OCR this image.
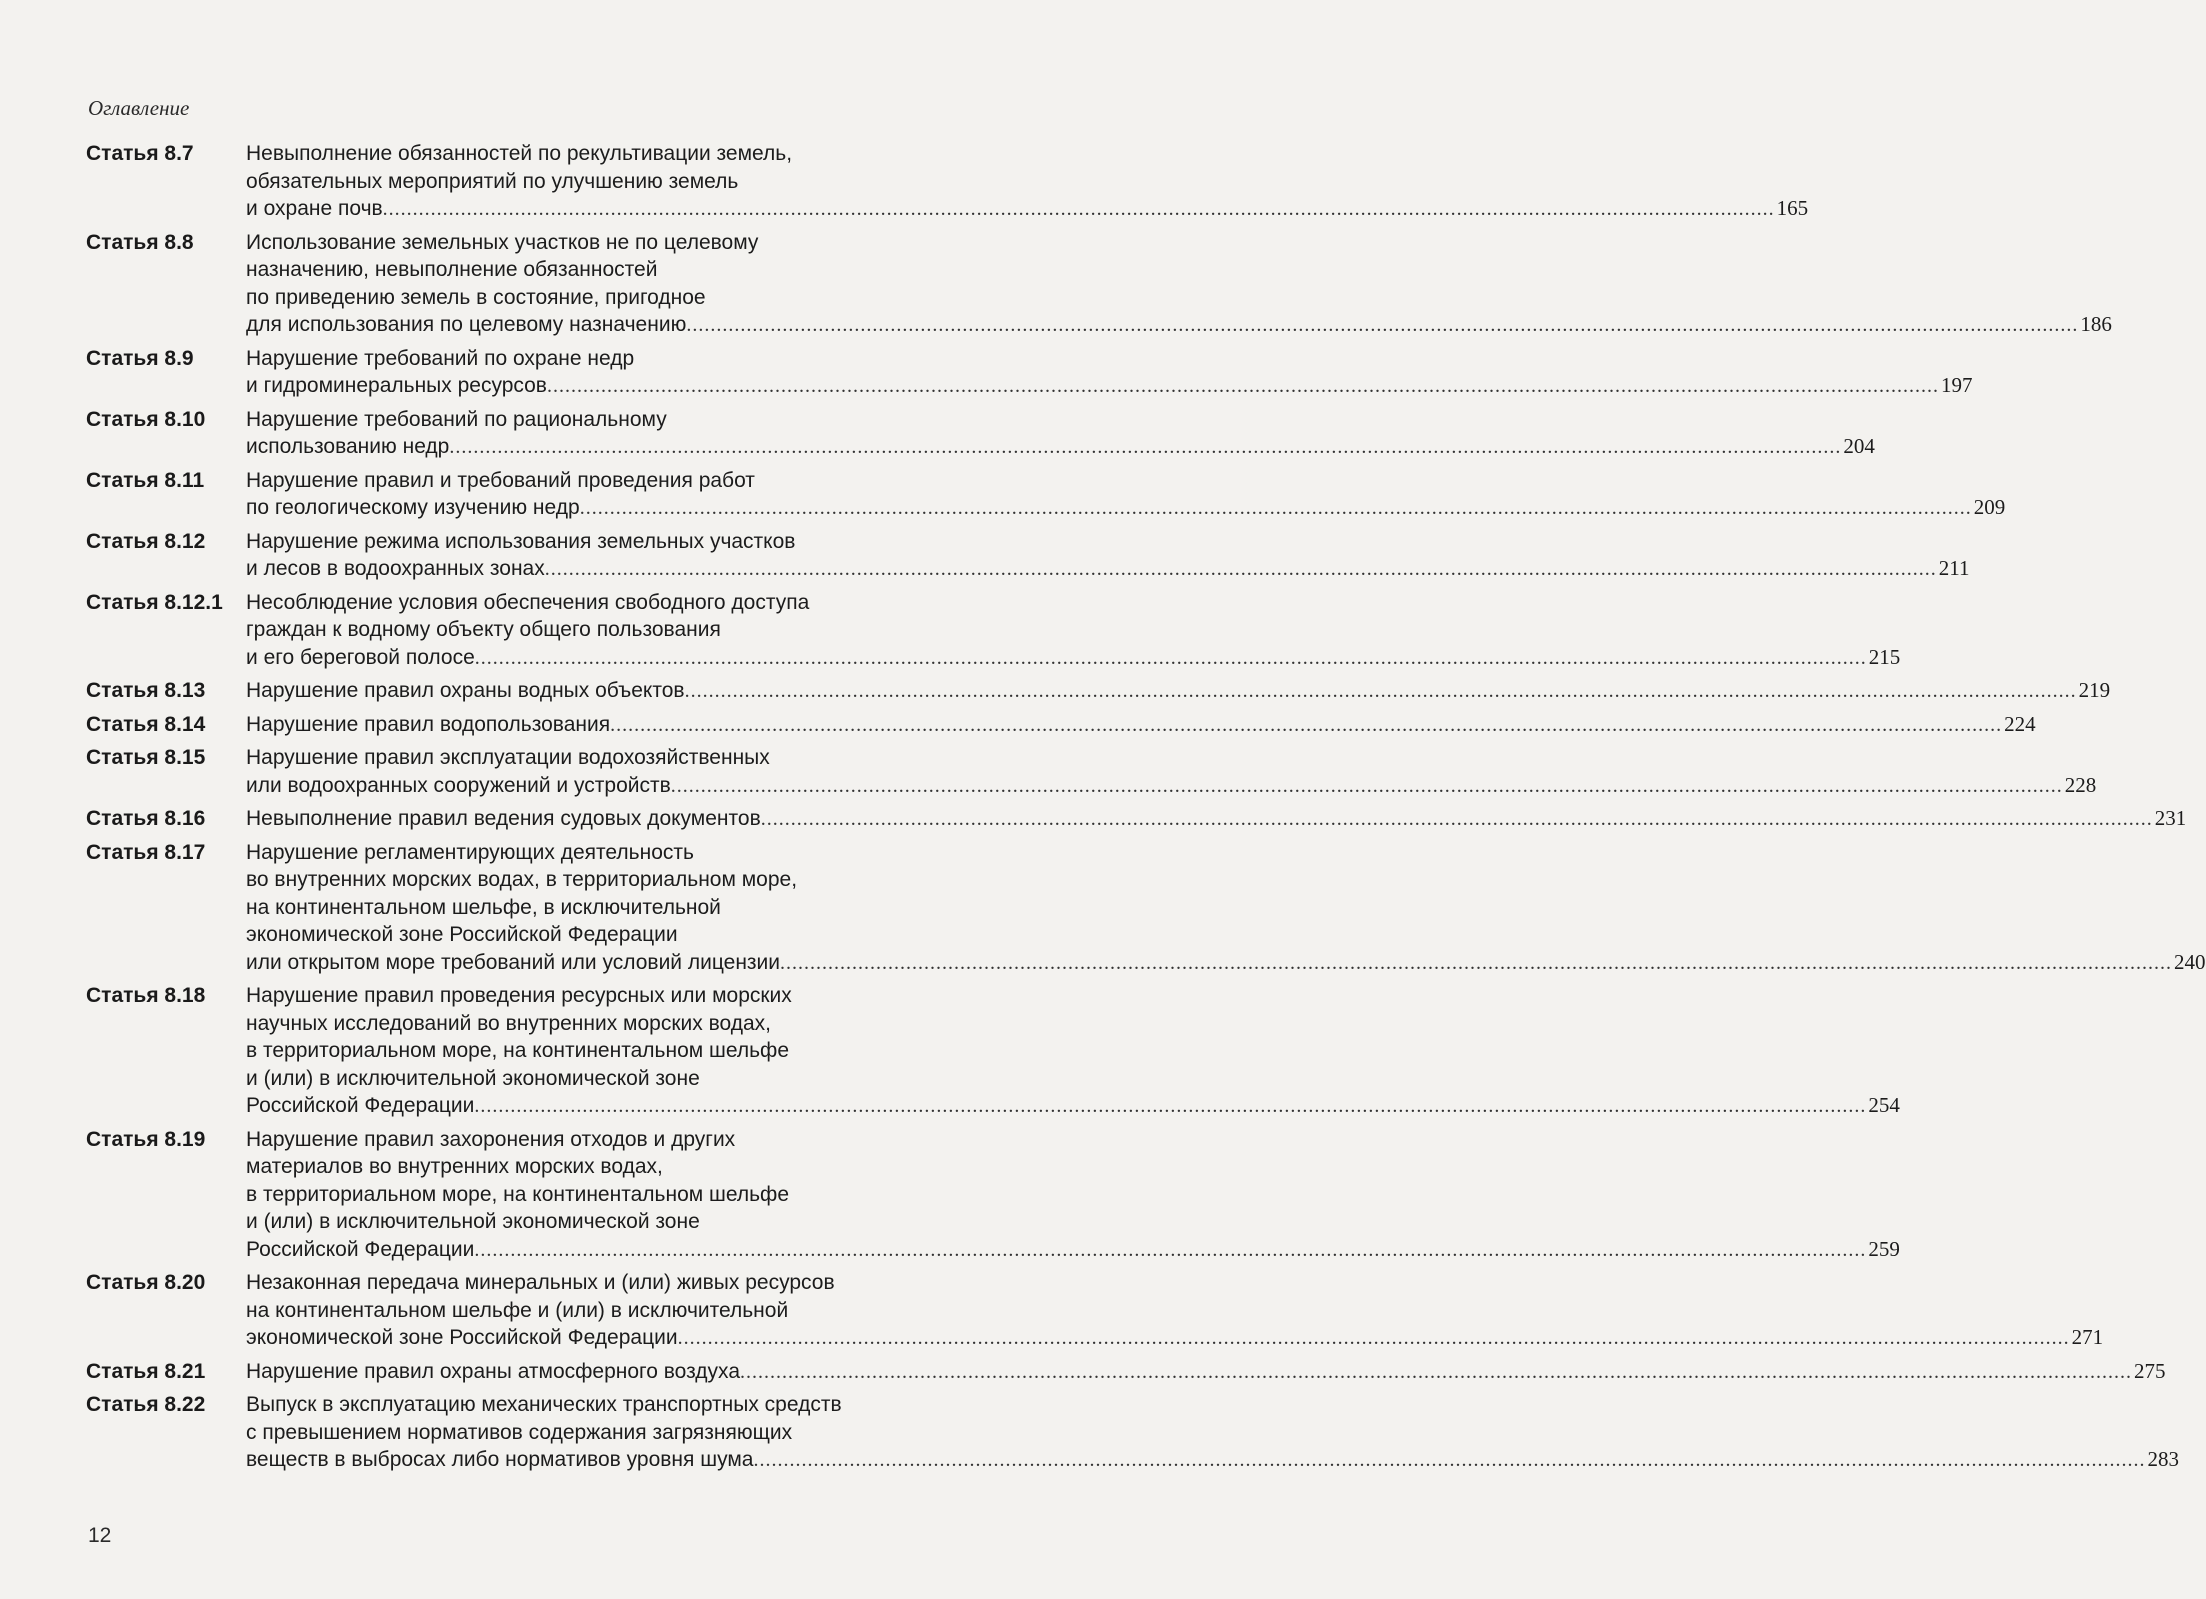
Оглавление
Статья 8.7	Невыполнение обязанностей по рекультивации земель,
обязательных мероприятий по улучшению земель
и охране почв .....	165
Статья 8.8	Использование земельных участков не по целевому
назначению, невыполнение обязанностей
по приведению земель в состояние, пригодное
для использования по целевому назначению .....	186
Статья 8.9	Нарушение требований по охране недр
и гидроминеральных ресурсов .....	197
Статья 8.10	Нарушение требований по рациональному
использованию недр .....	204
Статья 8.11	Нарушение правил и требований проведения работ
по геологическому изучению недр .....	209
Статья 8.12	Нарушение режима использования земельных участков
и лесов в водоохранных зонах .....	211
Статья 8.12.1	Несоблюдение условия обеспечения свободного доступа
граждан к водному объекту общего пользования
и его береговой полосе .....	215
Статья 8.13	Нарушение правил охраны водных объектов .....	219
Статья 8.14	Нарушение правил водопользования .....	224
Статья 8.15	Нарушение правил эксплуатации водохозяйственных
или водоохранных сооружений и устройств .....	228
Статья 8.16	Невыполнение правил ведения судовых документов .....	231
Статья 8.17	Нарушение регламентирующих деятельность
во внутренних морских водах, в территориальном море,
на континентальном шельфе, в исключительной
экономической зоне Российской Федерации
или открытом море требований или условий лицензии .....	240
Статья 8.18	Нарушение правил проведения ресурсных или морских
научных исследований во внутренних морских водах,
в территориальном море, на континентальном шельфе
и (или) в исключительной экономической зоне
Российской Федерации .....	254
Статья 8.19	Нарушение правил захоронения отходов и других
материалов во внутренних морских водах,
в территориальном море, на континентальном шельфе
и (или) в исключительной экономической зоне
Российской Федерации .....	259
Статья 8.20	Незаконная передача минеральных и (или) живых ресурсов
на континентальном шельфе и (или) в исключительной
экономической зоне Российской Федерации .....	271
Статья 8.21	Нарушение правил охраны атмосферного воздуха .....	275
Статья 8.22	Выпуск в эксплуатацию механических транспортных средств
с превышением нормативов содержания загрязняющих
веществ в выбросах либо нормативов уровня шума .....	283
12
